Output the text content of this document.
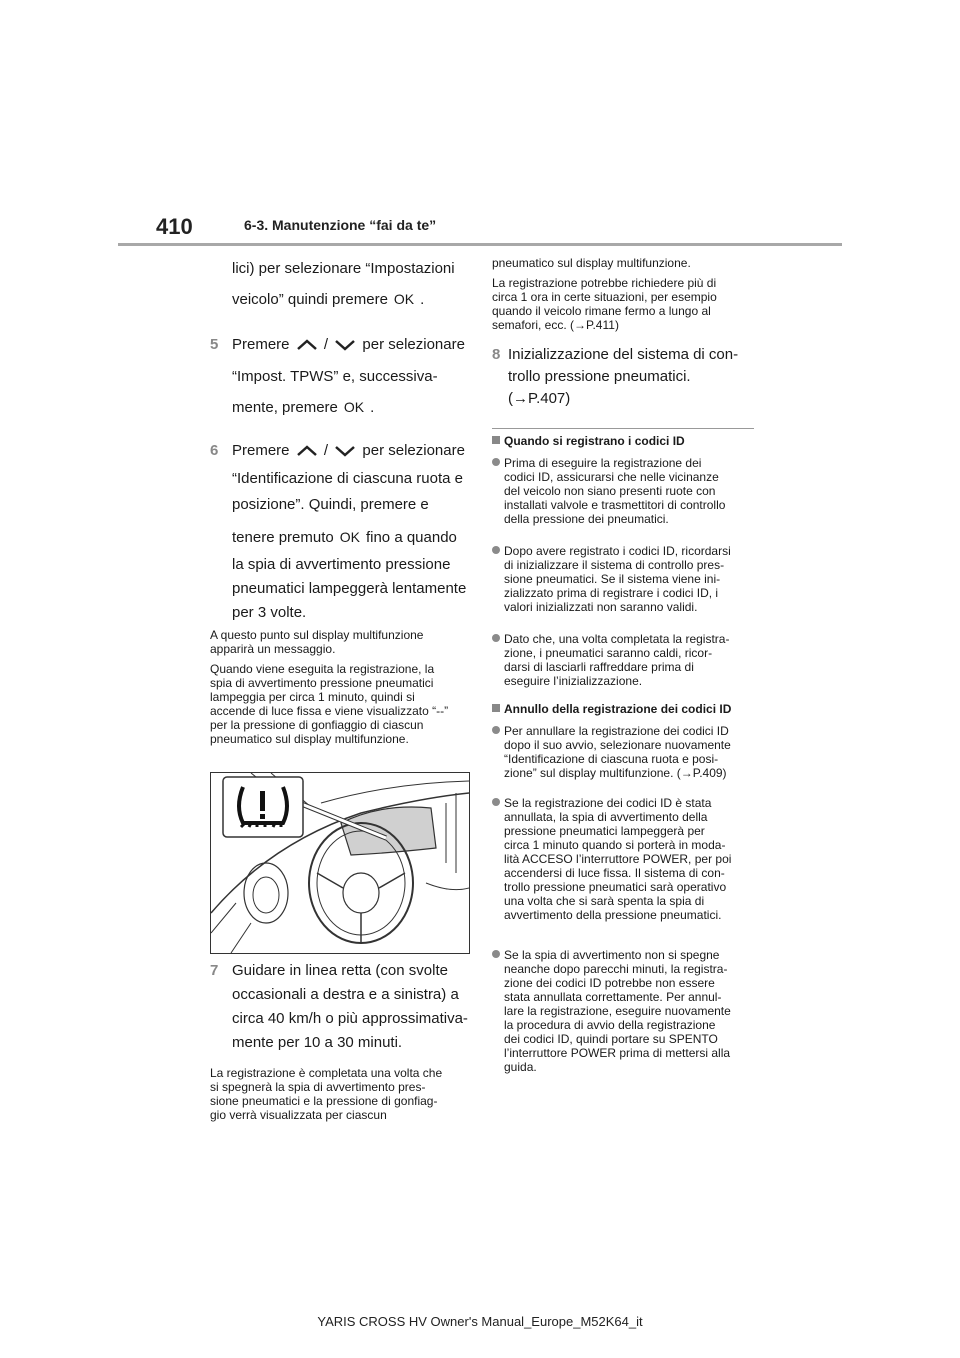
410	6-3. Manutenzione “fai da te”
lici) per selezionare “Impostazioni
veicolo” quindi premere OK .
5 Premere / per selezionare
“Impost. TPWS” e, successiva-
mente, premere OK .
6 Premere / per selezionare
“Identificazione di ciascuna ruota e
posizione”. Quindi, premere e
tenere premuto OK fino a quando
la spia di avvertimento pressione
pneumatici lampeggerà lentamente
per 3 volte.
A questo punto sul display multifunzione
apparirà un messaggio.
Quando viene eseguita la registrazione, la
spia di avvertimento pressione pneumatici
lampeggia per circa 1 minuto, quindi si
accende di luce fissa e viene visualizzato “--”
per la pressione di gonfiaggio di ciascun
pneumatico sul display multifunzione.
7 Guidare in linea retta (con svolte
occasionali a destra e a sinistra) a
circa 40 km/h o più approssimativa-
mente per 10 a 30 minuti.
La registrazione è completata una volta che
si spegnerà la spia di avvertimento pres-
sione pneumatici e la pressione di gonfiag-
gio verrà visualizzata per ciascun
pneumatico sul display multifunzione.
La registrazione potrebbe richiedere più di
circa 1 ora in certe situazioni, per esempio
quando il veicolo rimane fermo a lungo al
semafori, ecc. (→P.411)
8 Inizializzazione del sistema di con-
trollo pressione pneumatici.
(→P.407)
Quando si registrano i codici ID
Prima di eseguire la registrazione dei
codici ID, assicurarsi che nelle vicinanze
del veicolo non siano presenti ruote con
installati valvole e trasmettitori di controllo
della pressione dei pneumatici.
Dopo avere registrato i codici ID, ricordarsi
di inizializzare il sistema di controllo pres-
sione pneumatici. Se il sistema viene ini-
zializzato prima di registrare i codici ID, i
valori inizializzati non saranno validi.
Dato che, una volta completata la registra-
zione, i pneumatici saranno caldi, ricor-
darsi di lasciarli raffreddare prima di
eseguire l’inizializzazione.
Annullo della registrazione dei codici ID
Per annullare la registrazione dei codici ID
dopo il suo avvio, selezionare nuovamente
“Identificazione di ciascuna ruota e posi-
zione” sul display multifunzione. (→P.409)
Se la registrazione dei codici ID è stata
annullata, la spia di avvertimento della
pressione pneumatici lampeggerà per
circa 1 minuto quando si porterà in moda-
lità ACCESO l’interruttore POWER, per poi
accendersi di luce fissa. Il sistema di con-
trollo pressione pneumatici sarà operativo
una volta che si sarà spenta la spia di
avvertimento della pressione pneumatici.
Se la spia di avvertimento non si spegne
neanche dopo parecchi minuti, la registra-
zione dei codici ID potrebbe non essere
stata annullata correttamente. Per annul-
lare la registrazione, eseguire nuovamente
la procedura di avvio della registrazione
dei codici ID, quindi portare su SPENTO
l’interruttore POWER prima di mettersi alla
guida.
YARIS CROSS HV Owner's Manual_Europe_M52K64_it
